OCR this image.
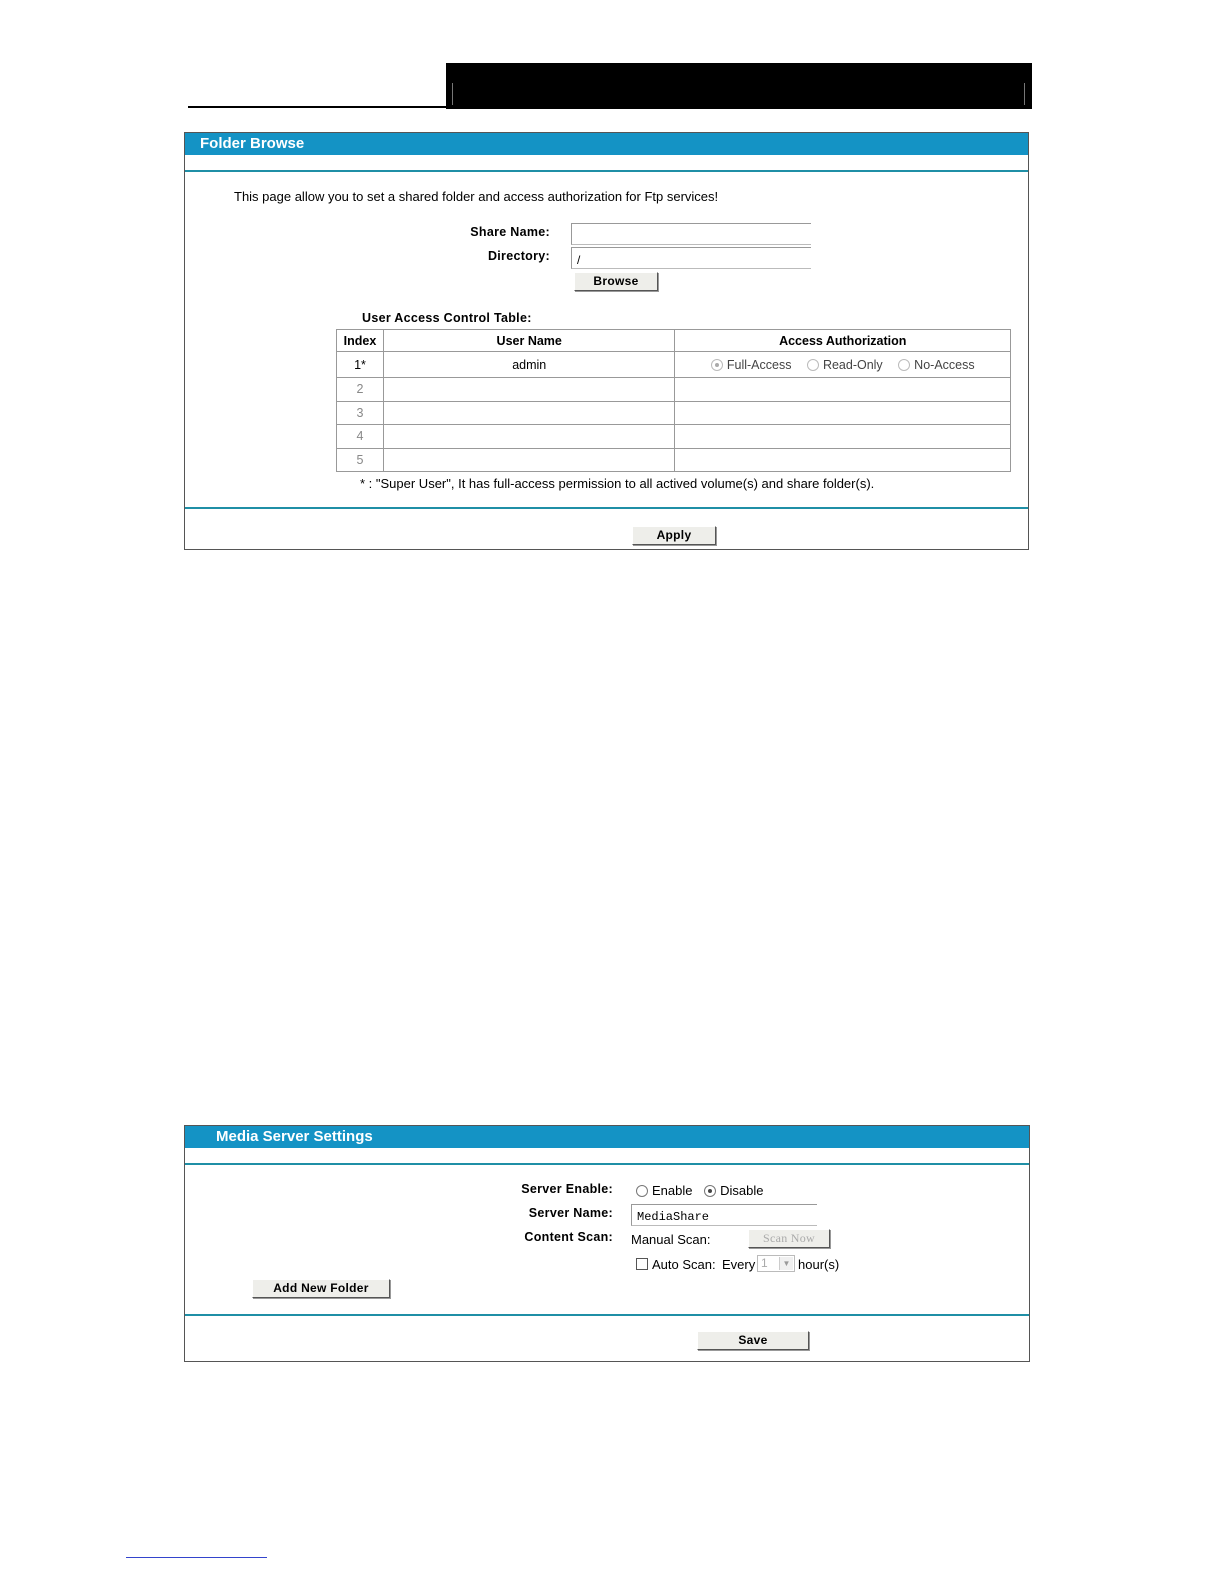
Folder Browse
This page allow you to set a shared folder and access authorization for Ftp services!
Share Name:
Directory:	/
Browse
User Access Control Table:
Index	User Name	Access Authorization
1*	admin	Full-Access Read-Only No-Access
2		
3		
4		
5		
* : "Super User", It has full-access permission to all actived volume(s) and share folder(s).
Apply
Media Server Settings
Server Enable:	Enable Disable
Server Name:	MediaShare
Content Scan: Manual Scan:	Scan Now
Auto Scan: Every 1	▼ hour(s)
Add New Folder
Save
